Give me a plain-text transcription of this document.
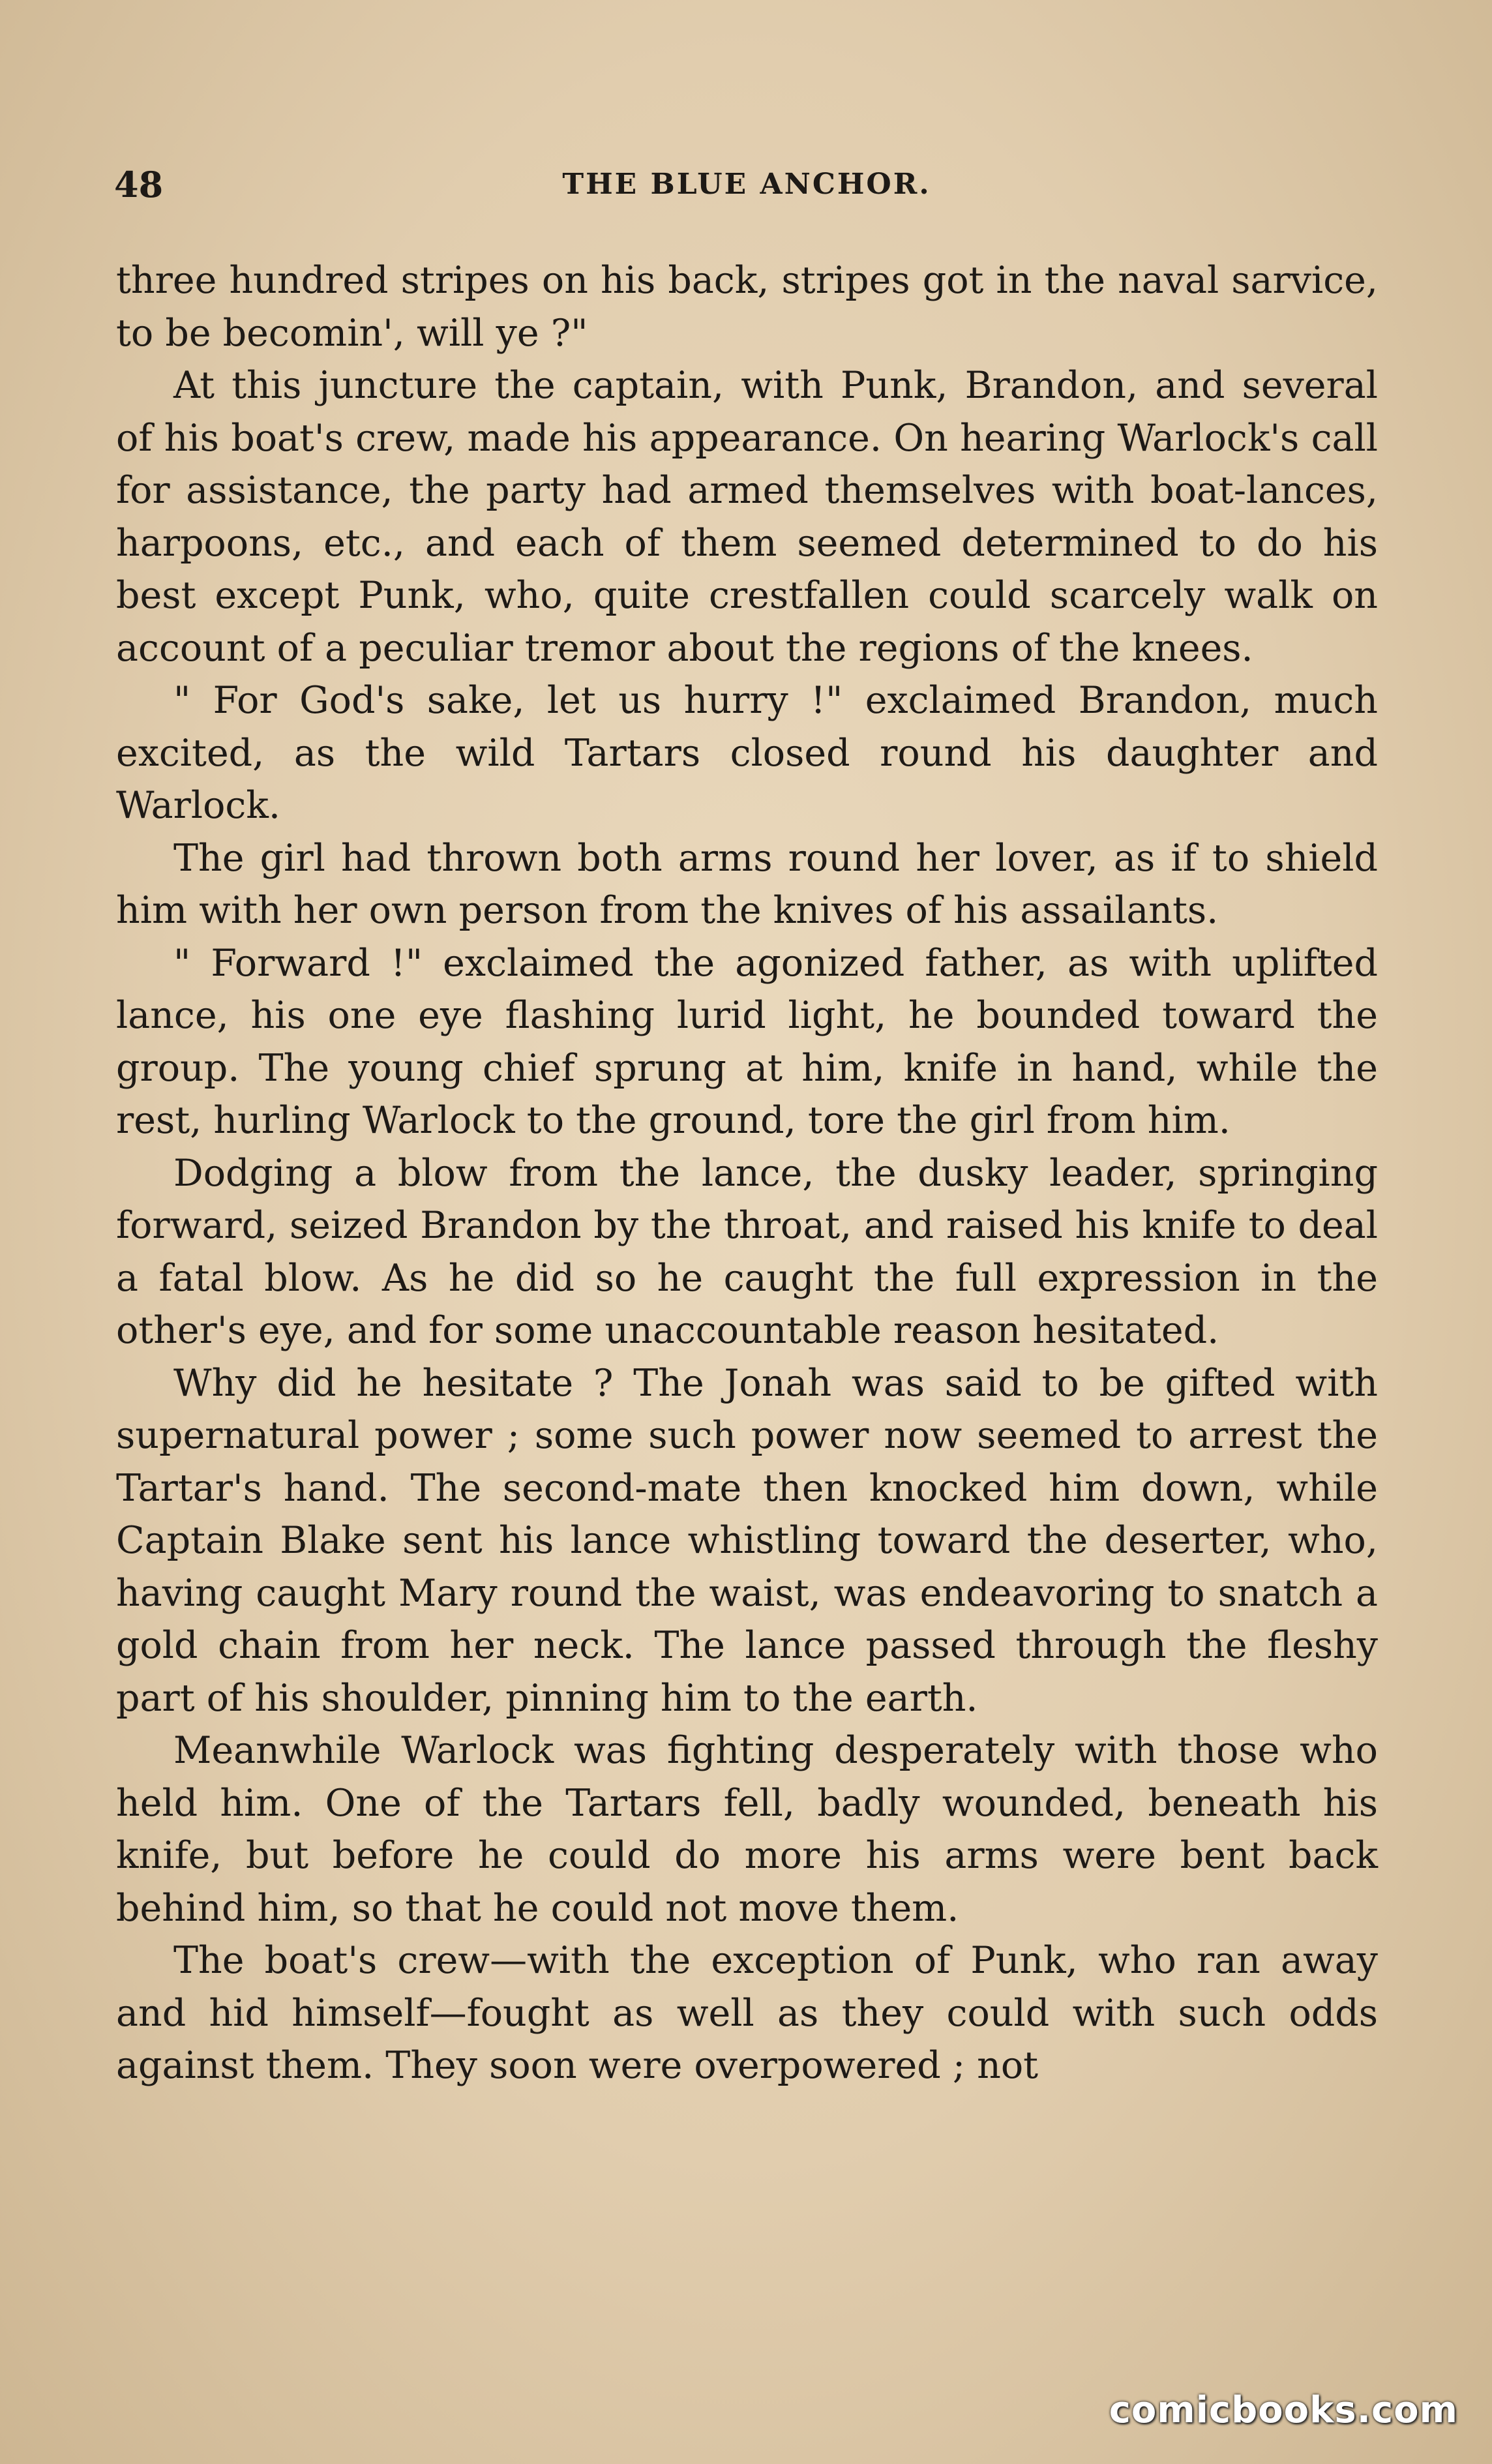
48	THE BLUE ANCHOR.

three hundred stripes on his back, stripes got in the naval sarvice, to be becomin', will ye ?"

At this juncture the captain, with Punk, Brandon, and several of his boat's crew, made his appearance. On hearing Warlock's call for assistance, the party had armed themselves with boat-lances, harpoons, etc., and each of them seemed determined to do his best except Punk, who, quite crestfallen could scarcely walk on account of a peculiar tremor about the regions of the knees.

" For God's sake, let us hurry !" exclaimed Brandon, much excited, as the wild Tartars closed round his daughter and Warlock.

The girl had thrown both arms round her lover, as if to shield him with her own person from the knives of his assailants.

" Forward !" exclaimed the agonized father, as with uplifted lance, his one eye flashing lurid light, he bounded toward the group. The young chief sprung at him, knife in hand, while the rest, hurling Warlock to the ground, tore the girl from him.

Dodging a blow from the lance, the dusky leader, springing forward, seized Brandon by the throat, and raised his knife to deal a fatal blow. As he did so he caught the full expression in the other's eye, and for some unaccountable reason hesitated.

Why did he hesitate ? The Jonah was said to be gifted with supernatural power ; some such power now seemed to arrest the Tartar's hand. The second-mate then knocked him down, while Captain Blake sent his lance whistling toward the deserter, who, having caught Mary round the waist, was endeavoring to snatch a gold chain from her neck. The lance passed through the fleshy part of his shoulder, pinning him to the earth.

Meanwhile Warlock was fighting desperately with those who held him. One of the Tartars fell, badly wounded, beneath his knife, but before he could do more his arms were bent back behind him, so that he could not move them.

The boat's crew—with the exception of Punk, who ran away and hid himself—fought as well as they could with such odds against them. They soon were overpowered ; not

comicbooks.com
